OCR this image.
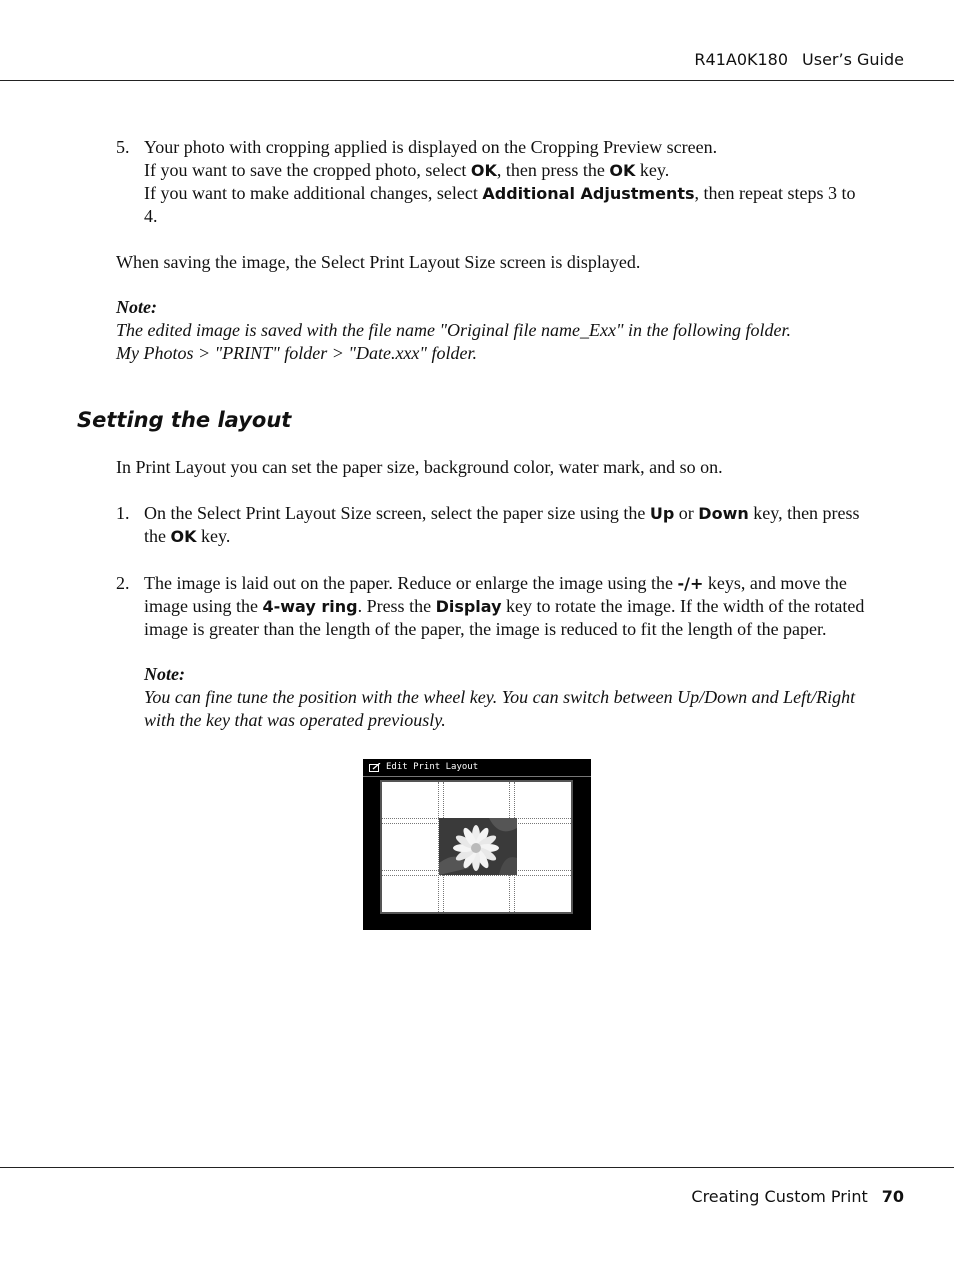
R41A0K180 User’s Guide
5. Your photo with cropping applied is displayed on the Cropping Preview screen.
If you want to save the cropped photo, select OK, then press the OK key.
If you want to make additional changes, select Additional Adjustments, then repeat steps 3 to
4.
When saving the image, the Select Print Layout Size screen is displayed.
Note:
The edited image is saved with the file name "Original file name_Exx" in the following folder.
My Photos > "PRINT" folder > "Date.xxx" folder.
Setting the layout
In Print Layout you can set the paper size, background color, water mark, and so on.
1. On the Select Print Layout Size screen, select the paper size using the Up or Down key, then press
the OK key.
2. The image is laid out on the paper. Reduce or enlarge the image using the -/+ keys, and move the
image using the 4-way ring. Press the Display key to rotate the image. If the width of the rotated
image is greater than the length of the paper, the image is reduced to fit the length of the paper.
Note:
You can fine tune the position with the wheel key. You can switch between Up/Down and Left/Right
with the key that was operated previously.
Edit Print Layout
Creating Custom Print 70
